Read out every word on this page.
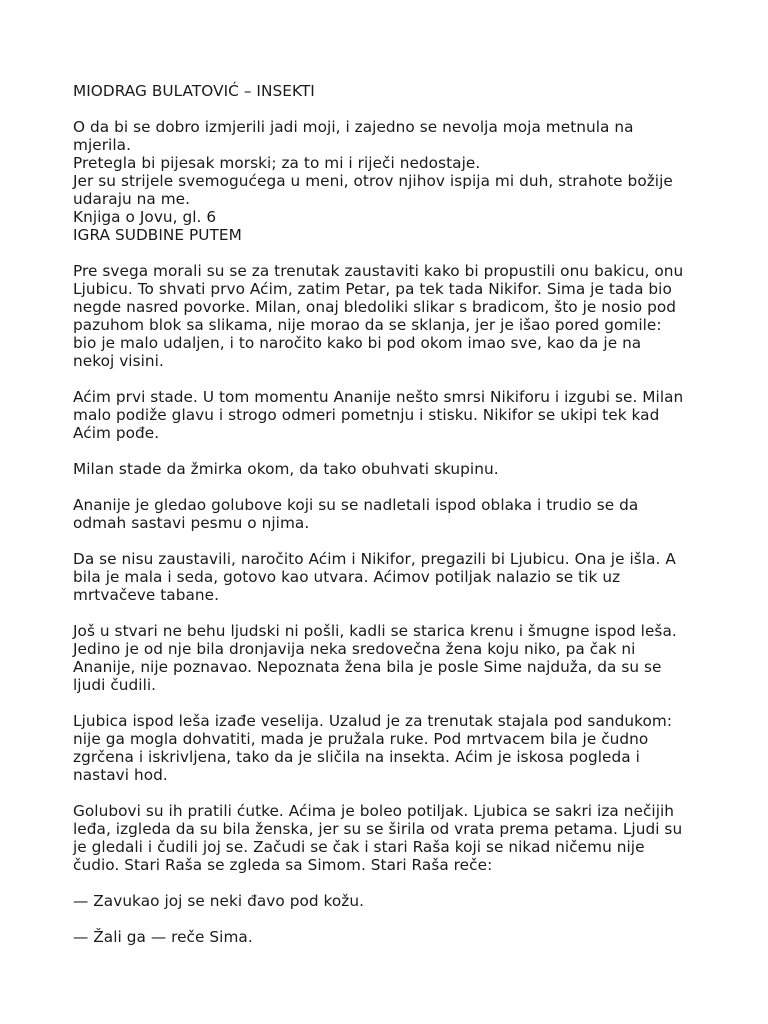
MIODRAG BULATOVIĆ – INSEKTI
O da bi se dobro izmjerili jadi moji, i zajedno se nevolja moja metnula na
mjerila.
Pretegla bi pijesak morski; za to mi i riječi nedostaje.
Jer su strijele svemogućega u meni, otrov njihov ispija mi duh, strahote božije
udaraju na me.
Knjiga o Jovu, gl. 6
IGRA SUDBINE PUTEM
Pre svega morali su se za trenutak zaustaviti kako bi propustili onu bakicu, onu
Ljubicu. To shvati prvo Aćim, zatim Petar, pa tek tada Nikifor. Sima je tada bio
negde nasred povorke. Milan, onaj bledoliki slikar s bradicom, što je nosio pod
pazuhom blok sa slikama, nije morao da se sklanja, jer je išao pored gomile:
bio je malo udaljen, i to naročito kako bi pod okom imao sve, kao da je na
nekoj visini.
Aćim prvi stade. U tom momentu Ananije nešto smrsi Nikiforu i izgubi se. Milan
malo podiže glavu i strogo odmeri pometnju i stisku. Nikifor se ukipi tek kad
Aćim pođe.
Milan stade da žmirka okom, da tako obuhvati skupinu.
Ananije je gledao golubove koji su se nadletali ispod oblaka i trudio se da
odmah sastavi pesmu o njima.
Da se nisu zaustavili, naročito Aćim i Nikifor, pregazili bi Ljubicu. Ona je išla. A
bila je mala i seda, gotovo kao utvara. Aćimov potiljak nalazio se tik uz
mrtvačeve tabane.
Još u stvari ne behu ljudski ni pošli, kadli se starica krenu i šmugne ispod leša.
Jedino je od nje bila dronjavija neka sredovečna žena koju niko, pa čak ni
Ananije, nije poznavao. Nepoznata žena bila je posle Sime najduža, da su se
ljudi čudili.
Ljubica ispod leša izađe veselija. Uzalud je za trenutak stajala pod sandukom:
nije ga mogla dohvatiti, mada je pružala ruke. Pod mrtvacem bila je čudno
zgrčena i iskrivljena, tako da je sličila na insekta. Aćim je iskosa pogleda i
nastavi hod.
Golubovi su ih pratili ćutke. Aćima je boleo potiljak. Ljubica se sakri iza nečijih
leđa, izgleda da su bila ženska, jer su se širila od vrata prema petama. Ljudi su
je gledali i čudili joj se. Začudi se čak i stari Raša koji se nikad ničemu nije
čudio. Stari Raša se zgleda sa Simom. Stari Raša reče:
— Zavukao joj se neki đavo pod kožu.
— Žali ga — reče Sima.
